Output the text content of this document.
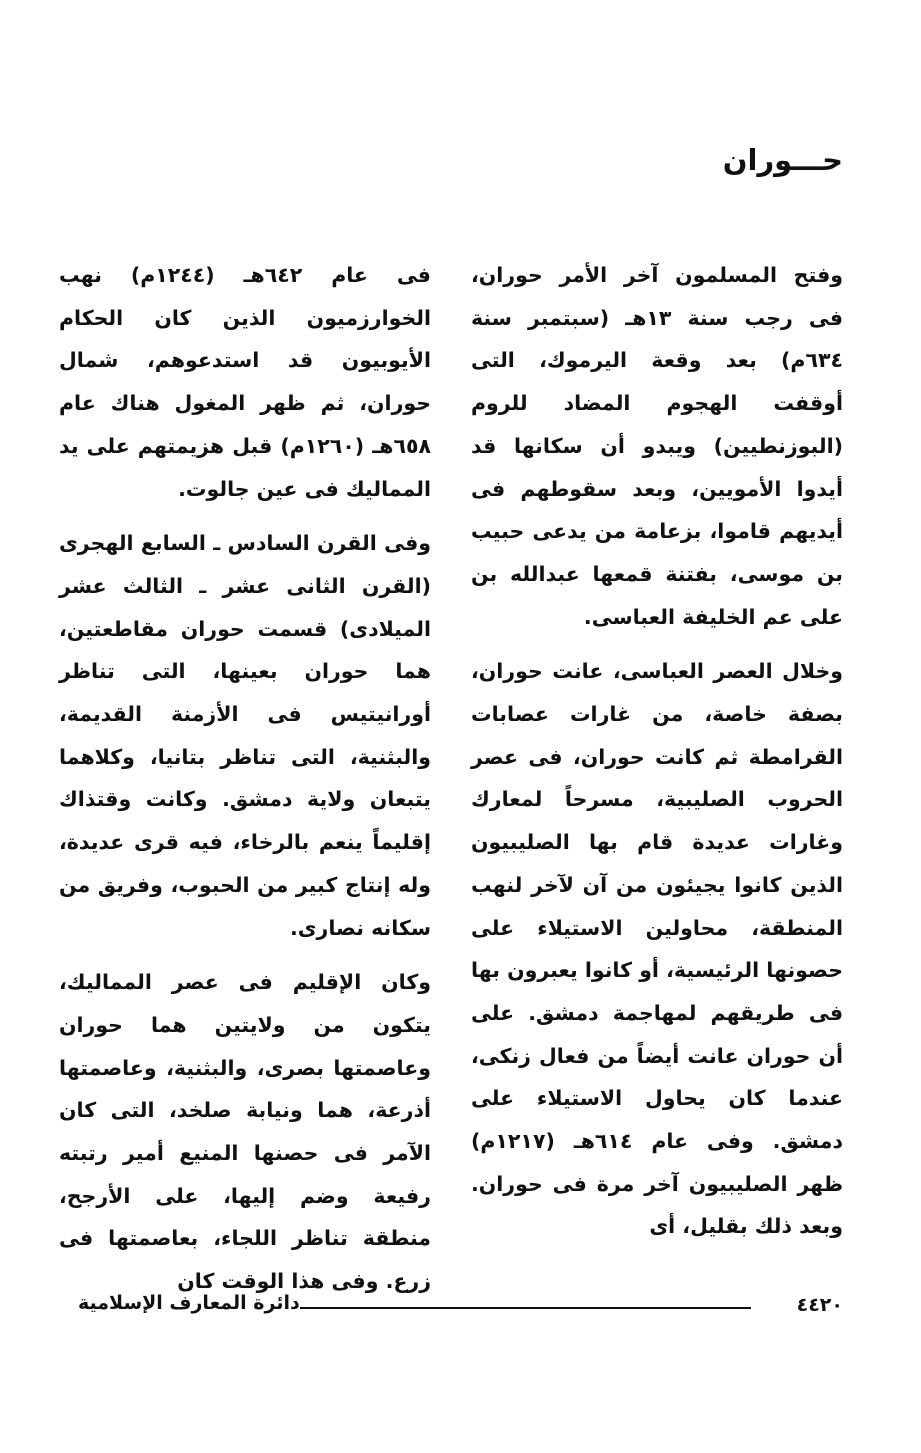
حـــوران

وفتح المسلمون آخر الأمر حوران، فى رجب سنة ١٣هـ (سبتمبر سنة ٦٣٤م) بعد وقعة اليرموك، التى أوقفت الهجوم المضاد للروم (البوزنطيين) ويبدو أن سكانها قد أيدوا الأمويين، وبعد سقوطهم فى أيديهم قاموا، بزعامة من يدعى حبيب بن موسى، بفتنة قمعها عبدالله بن على عم الخليفة العباسى.

وخلال العصر العباسى، عانت حوران، بصفة خاصة، من غارات عصابات القرامطة ثم كانت حوران، فى عصر الحروب الصليبية، مسرحاً لمعارك وغارات عديدة قام بها الصليبيون الذين كانوا يجيئون من آن لآخر لنهب المنطقة، محاولين الاستيلاء على حصونها الرئيسية، أو كانوا يعبرون بها فى طريقهم لمهاجمة دمشق. على أن حوران عانت أيضاً من فعال زنكى، عندما كان يحاول الاستيلاء على دمشق. وفى عام ٦١٤هـ (١٢١٧م) ظهر الصليبيون آخر مرة فى حوران. وبعد ذلك بقليل، أى

فى عام ٦٤٢هـ (١٢٤٤م) نهب الخوارزميون الذين كان الحكام الأيوبيون قد استدعوهم، شمال حوران، ثم ظهر المغول هناك عام ٦٥٨هـ (١٢٦٠م) قبل هزيمتهم على يد المماليك فى عين جالوت.

وفى القرن السادس ـ السابع الهجرى (القرن الثانى عشر ـ الثالث عشر الميلادى) قسمت حوران مقاطعتين، هما حوران بعينها، التى تناظر أورانيتيس فى الأزمنة القديمة، والبثنية، التى تناظر بتانيا، وكلاهما يتبعان ولاية دمشق. وكانت وقتذاك إقليماً ينعم بالرخاء، فيه قرى عديدة، وله إنتاج كبير من الحبوب، وفريق من سكانه نصارى.

وكان الإقليم فى عصر المماليك، يتكون من ولايتين هما حوران وعاصمتها بصرى، والبثنية، وعاصمتها أذرعة، هما ونيابة صلخد، التى كان الآمر فى حصنها المنيع أمير رتبته رفيعة وضم إليها، على الأرجح، منطقة تناظر اللجاء، بعاصمتها فى زرع. وفى هذا الوقت كان

٤٤٢٠
دائرة المعارف الإسلامية
